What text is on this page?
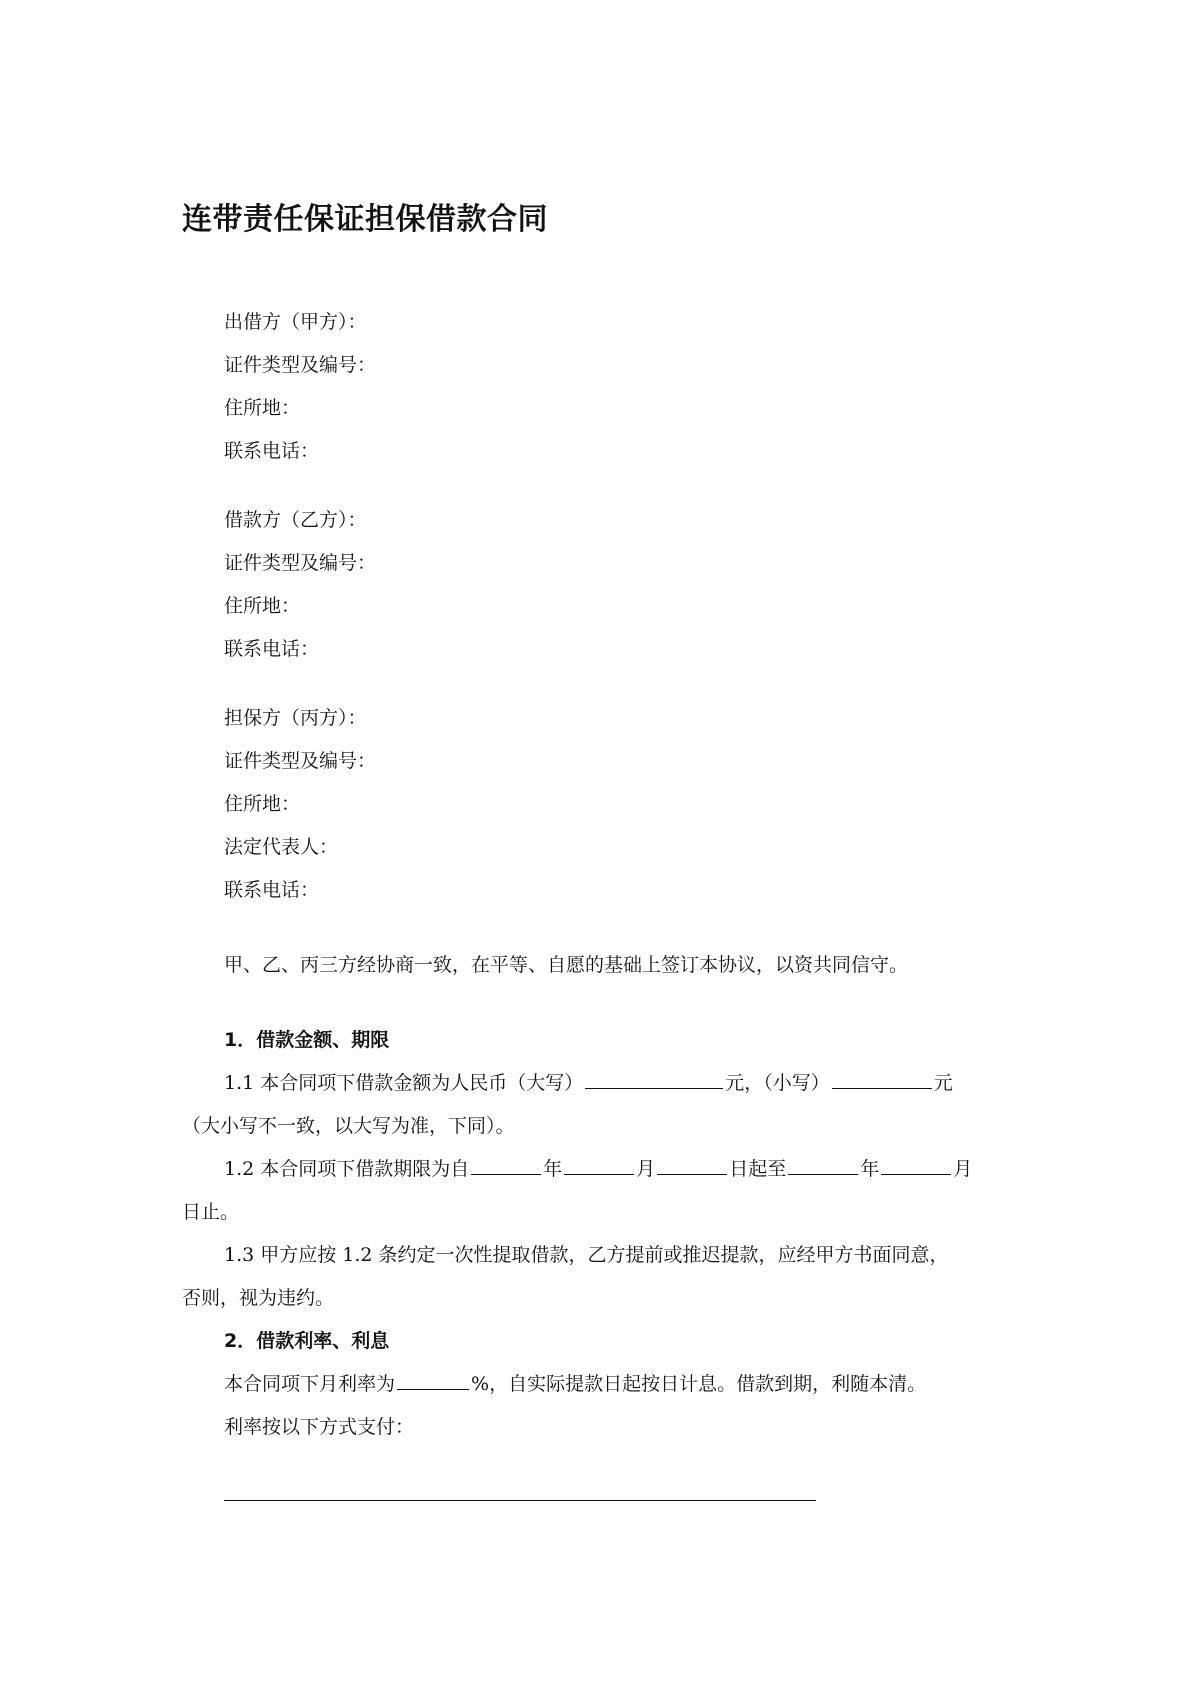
连带责任保证担保借款合同
出借方（甲方）：
证件类型及编号：
住所地：
联系电话：
借款方（乙方）：
证件类型及编号：
住所地：
联系电话：
担保方（丙方）：
证件类型及编号：
住所地：
法定代表人：
联系电话：
甲、乙、丙三方经协商一致，在平等、自愿的基础上签订本协议，以资共同信守。
1．借款金额、期限
1.1 本合同项下借款金额为人民币（大写）	元，（小写）	元
（大小写不一致，以大写为准，下同）。
1.2 本合同项下借款期限为自	年	月	日起至	年	月
日止。
1.3 甲方应按 1.2 条约定一次性提取借款，乙方提前或推迟提款，应经甲方书面同意，
否则，视为违约。
2．借款利率、利息
本合同项下月利率为	%，自实际提款日起按日计息。借款到期，利随本清。
利率按以下方式支付：
